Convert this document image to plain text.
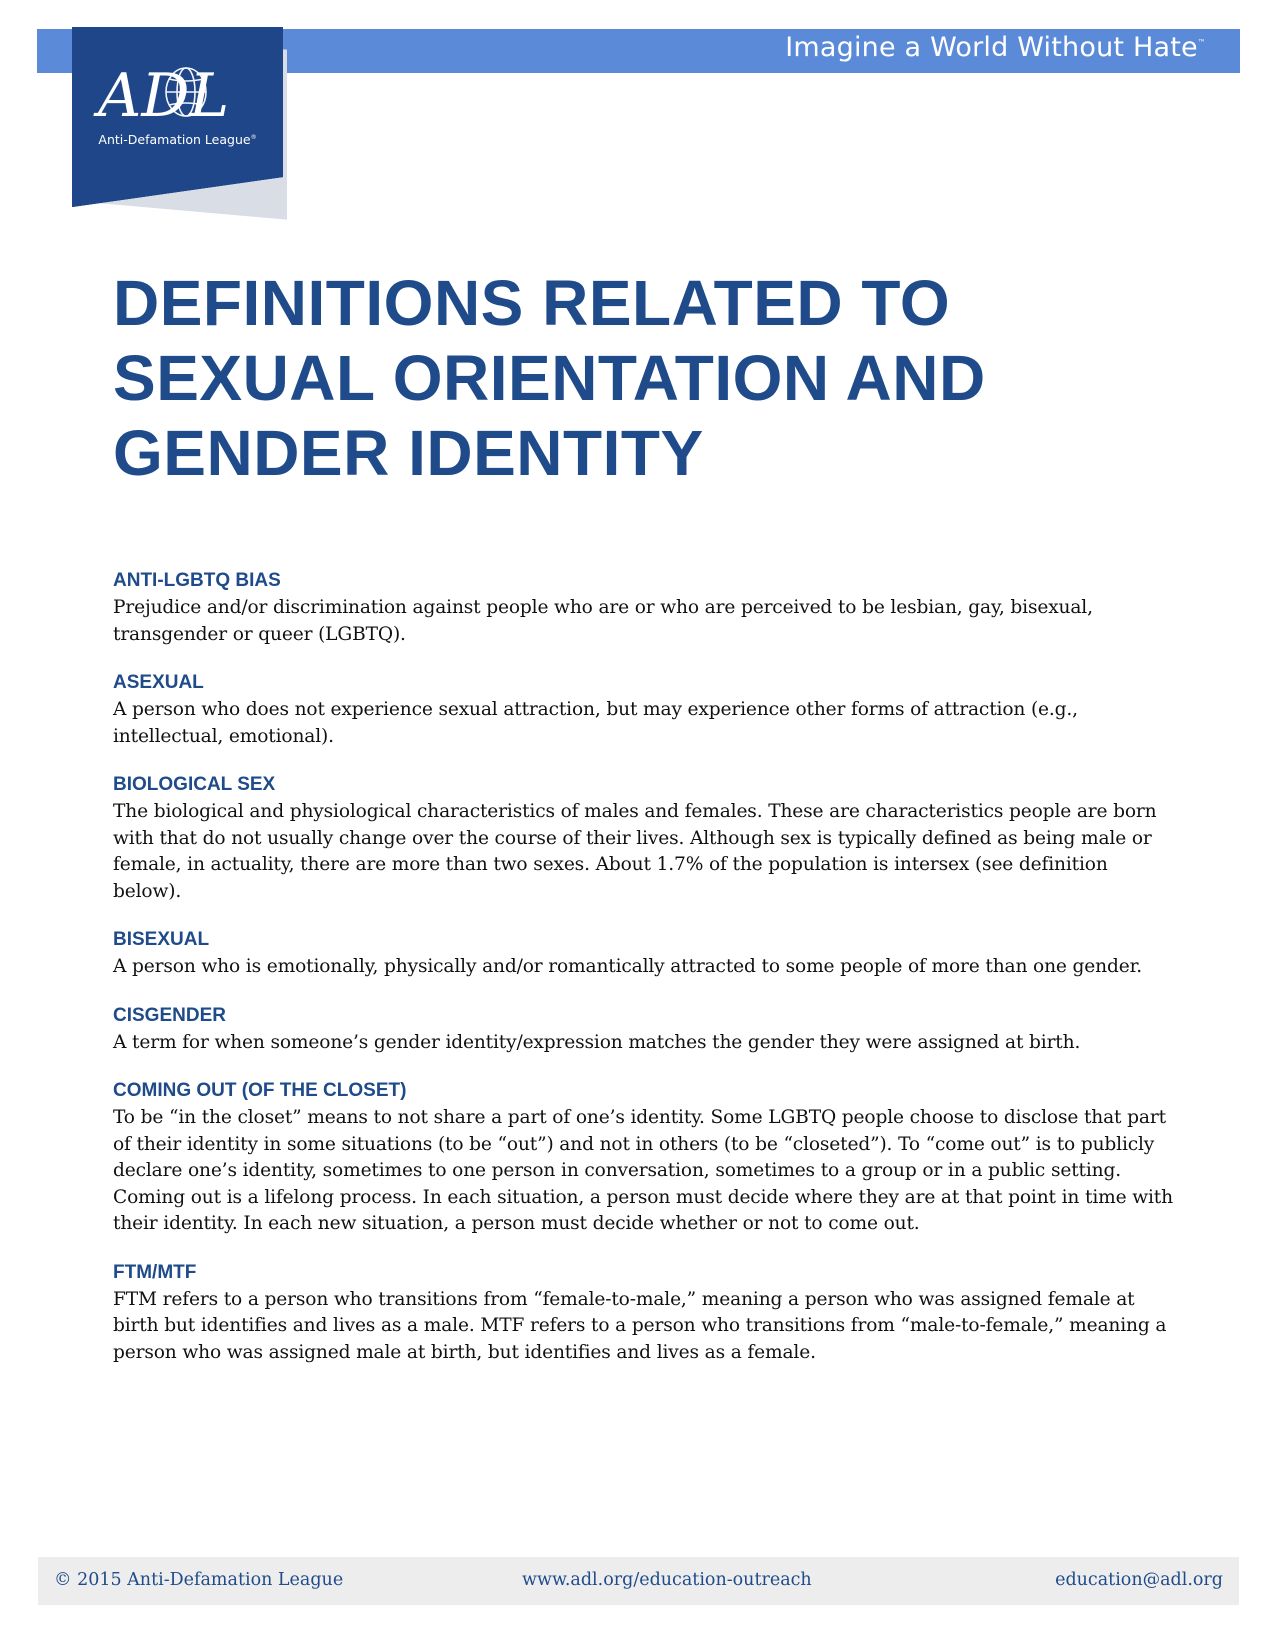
Imagine a World Without Hate™
ADL
Anti-Defamation League®
DEFINITIONS RELATED TO SEXUAL ORIENTATION AND GENDER IDENTITY
ANTI-LGBTQ BIAS
Prejudice and/or discrimination against people who are or who are perceived to be lesbian, gay, bisexual, transgender or queer (LGBTQ).
ASEXUAL
A person who does not experience sexual attraction, but may experience other forms of attraction (e.g., intellectual, emotional).
BIOLOGICAL SEX
The biological and physiological characteristics of males and females. These are characteristics people are born with that do not usually change over the course of their lives. Although sex is typically defined as being male or female, in actuality, there are more than two sexes. About 1.7% of the population is intersex (see definition below).
BISEXUAL
A person who is emotionally, physically and/or romantically attracted to some people of more than one gender.
CISGENDER
A term for when someone’s gender identity/expression matches the gender they were assigned at birth.
COMING OUT (OF THE CLOSET)
To be “in the closet” means to not share a part of one’s identity. Some LGBTQ people choose to disclose that part of their identity in some situations (to be “out”) and not in others (to be “closeted”). To “come out” is to publicly declare one’s identity, sometimes to one person in conversation, sometimes to a group or in a public setting. Coming out is a lifelong process. In each situation, a person must decide where they are at that point in time with their identity. In each new situation, a person must decide whether or not to come out.
FTM/MTF
FTM refers to a person who transitions from “female-to-male,” meaning a person who was assigned female at birth but identifies and lives as a male. MTF refers to a person who transitions from “male-to-female,” meaning a person who was assigned male at birth, but identifies and lives as a female.
© 2015 Anti-Defamation League	www.adl.org/education-outreach	education@adl.org
